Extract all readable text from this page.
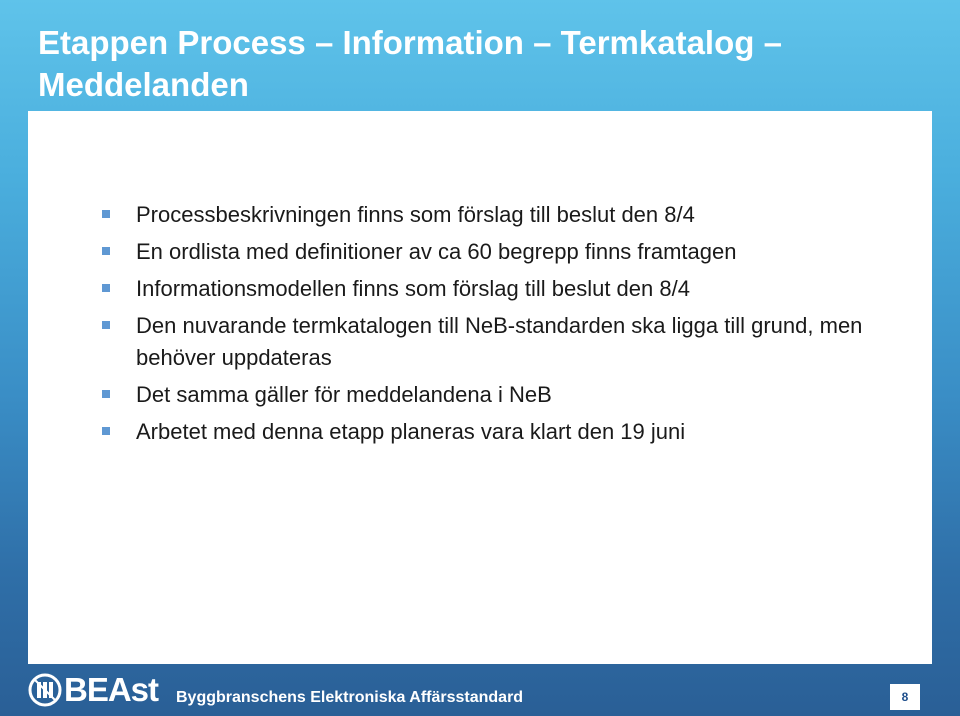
Etappen Process – Information – Termkatalog – Meddelanden
Processbeskrivningen finns som förslag till beslut den 8/4
En ordlista med definitioner av ca 60 begrepp finns framtagen
Informationsmodellen finns som förslag till beslut den 8/4
Den nuvarande termkatalogen till NeB-standarden ska ligga till grund, men behöver uppdateras
Det samma gäller för meddelandena i NeB
Arbetet med denna etapp planeras vara klart den 19 juni
BEAst Byggbranschens Elektroniska Affärsstandard	8
